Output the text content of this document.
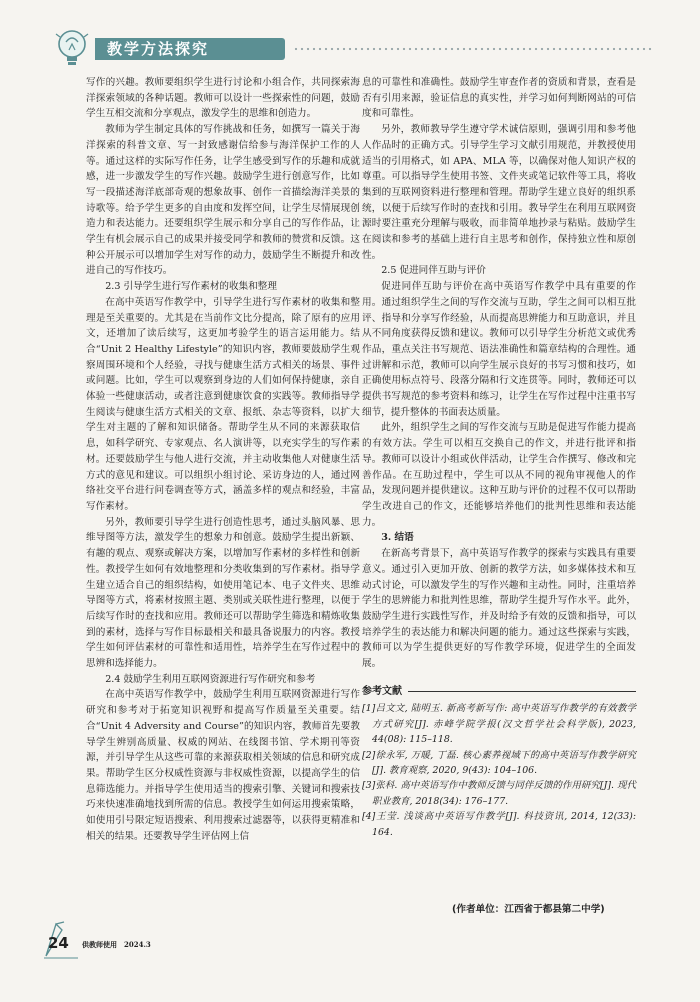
教学方法探究

写作的兴趣。教师要组织学生进行讨论和小组合作，共同探索海洋探索领域的各种话题。教师可以设计一些探索性的问题，鼓励学生互相交流和分享观点，激发学生的思维和创造力。

教师为学生制定具体的写作挑战和任务，如撰写一篇关于海洋探索的科普文章、写一封致感谢信给参与海洋保护工作的人等。通过这样的实际写作任务，让学生感受到写作的乐趣和成就感，进一步激发学生的写作兴趣。鼓励学生进行创意写作，比如写一段描述海洋底部奇观的想象故事、创作一首描绘海洋美景的诗歌等。给予学生更多的自由度和发挥空间，让学生尽情展现创造力和表达能力。还要组织学生展示和分享自己的写作作品，让学生有机会展示自己的成果并接受同学和教师的赞赏和反馈。这种公开展示可以增加学生对写作的动力，鼓励学生不断提升和改进自己的写作技巧。

2.3 引导学生进行写作素材的收集和整理

在高中英语写作教学中，引导学生进行写作素材的收集和整理是至关重要的。尤其是在当前作文比分提高，除了原有的应用文，还增加了读后续写，这更加考验学生的语言运用能力。结合“Unit 2 Healthy Lifestyle”的知识内容，教师要鼓励学生观察周围环境和个人经验，寻找与健康生活方式相关的场景、事件或问题。比如，学生可以观察到身边的人们如何保持健康，亲自体验一些健康活动，或者注意到健康饮食的实践等。教师指导学生阅读与健康生活方式相关的文章、报纸、杂志等资料，以扩大学生对主题的了解和知识储备。帮助学生从不同的来源获取信息，如科学研究、专家观点、名人演讲等，以充实学生的写作素材。还要鼓励学生与他人进行交流，并主动收集他人对健康生活方式的意见和建议。可以组织小组讨论、采访身边的人，通过网络社交平台进行问卷调查等方式，涵盖多样的观点和经验，丰富写作素材。

另外，教师要引导学生进行创造性思考，通过头脑风暴、思维导图等方法，激发学生的想象力和创意。鼓励学生提出新颖、有趣的观点、观察或解决方案，以增加写作素材的多样性和创新性。教授学生如何有效地整理和分类收集到的写作素材。指导学生建立适合自己的组织结构，如使用笔记本、电子文件夹、思维导图等方式，将素材按照主题、类别或关联性进行整理，以便于后续写作时的查找和应用。教师还可以帮助学生筛选和精炼收集到的素材，选择与写作目标最相关和最具备说服力的内容。教授学生如何评估素材的可靠性和适用性，培养学生在写作过程中的思辨和选择能力。

2.4 鼓励学生利用互联网资源进行写作研究和参考

在高中英语写作教学中，鼓励学生利用互联网资源进行写作研究和参考对于拓宽知识视野和提高写作质量至关重要。结合“Unit 4 Adversity and Course”的知识内容，教师首先要教导学生辨别高质量、权威的网站、在线图书馆、学术期刊等资源，并引导学生从这些可靠的来源获取相关领域的信息和研究成果。帮助学生区分权威性资源与非权威性资源，以提高学生的信息筛选能力。并指导学生使用适当的搜索引擎、关键词和搜索技巧来快速准确地找到所需的信息。教授学生如何运用搜索策略，如使用引号限定短语搜索、利用搜索过滤器等，以获得更精准和相关的结果。还要教导学生评估网上信

息的可靠性和准确性。鼓励学生审查作者的资质和背景，查看是否有引用来源，验证信息的真实性，并学习如何判断网站的可信度和可靠性。

另外，教师教导学生遵守学术诚信原则，强调引用和参考他人作品时的正确方式。引导学生学习文献引用规范，并教授使用适当的引用格式，如 APA、MLA 等，以确保对他人知识产权的尊重。可以指导学生使用书签、文件夹或笔记软件等工具，将收集到的互联网资料进行整理和管理。帮助学生建立良好的组织系统，以便于后续写作时的查找和引用。教导学生在利用互联网资源时要注重充分理解与吸收，而非简单地抄录与粘贴。鼓励学生在阅读和参考的基础上进行自主思考和创作，保持独立性和原创性。

2.5 促进同伴互助与评价

促进同伴互助与评价在高中英语写作教学中具有重要的作用。通过组织学生之间的写作交流与互助，学生之间可以相互批评、指导和分享写作经验，从而提高思辨能力和互助意识，并且从不同角度获得反馈和建议。教师可以引导学生分析范文或优秀作品，重点关注书写规范、语法准确性和篇章结构的合理性。通过讲解和示范，教师可以向学生展示良好的书写习惯和技巧，如正确使用标点符号、段落分隔和行文连贯等。同时，教师还可以提供书写规范的参考资料和练习，让学生在写作过程中注重书写细节，提升整体的书面表达质量。

此外，组织学生之间的写作交流与互助是促进写作能力提高的有效方法。学生可以相互交换自己的作文，并进行批评和指导。教师可以设计小组或伙伴活动，让学生合作撰写、修改和完善作品。在互助过程中，学生可以从不同的视角审视他人的作品，发现问题并提供建议。这种互助与评价的过程不仅可以帮助学生改进自己的作文，还能够培养他们的批判性思维和表达能力。

3. 结语

在新高考背景下，高中英语写作教学的探索与实践具有重要意义。通过引入更加开放、创新的教学方法，如多媒体技术和互动式讨论，可以激发学生的写作兴趣和主动性。同时，注重培养学生的思辨能力和批判性思维，帮助学生提升写作水平。此外，鼓励学生进行实践性写作，并及时给予有效的反馈和指导，可以培养学生的表达能力和解决问题的能力。通过这些探索与实践，教师可以为学生提供更好的写作教学环境，促进学生的全面发展。

参考文献
[1]吕文文, 陆明玉. 新高考新写作: 高中英语写作教学的有效教学方式研究[J]. 赤峰学院学报(汉文哲学社会科学版), 2023, 44(08): 115–118.
[2]徐永军, 万暖, 丁磊. 核心素养视域下的高中英语写作教学研究[J]. 教育观察, 2020, 9(43): 104–106.
[3]张科. 高中英语写作中教师反馈与同伴反馈的作用研究[J]. 现代职业教育, 2018(34): 176–177.
[4]王莹. 浅谈高中英语写作教学[J]. 科技资讯, 2014, 12(33): 164.
(作者单位：江西省于都县第二中学)
24 供教师使用　2024.3
